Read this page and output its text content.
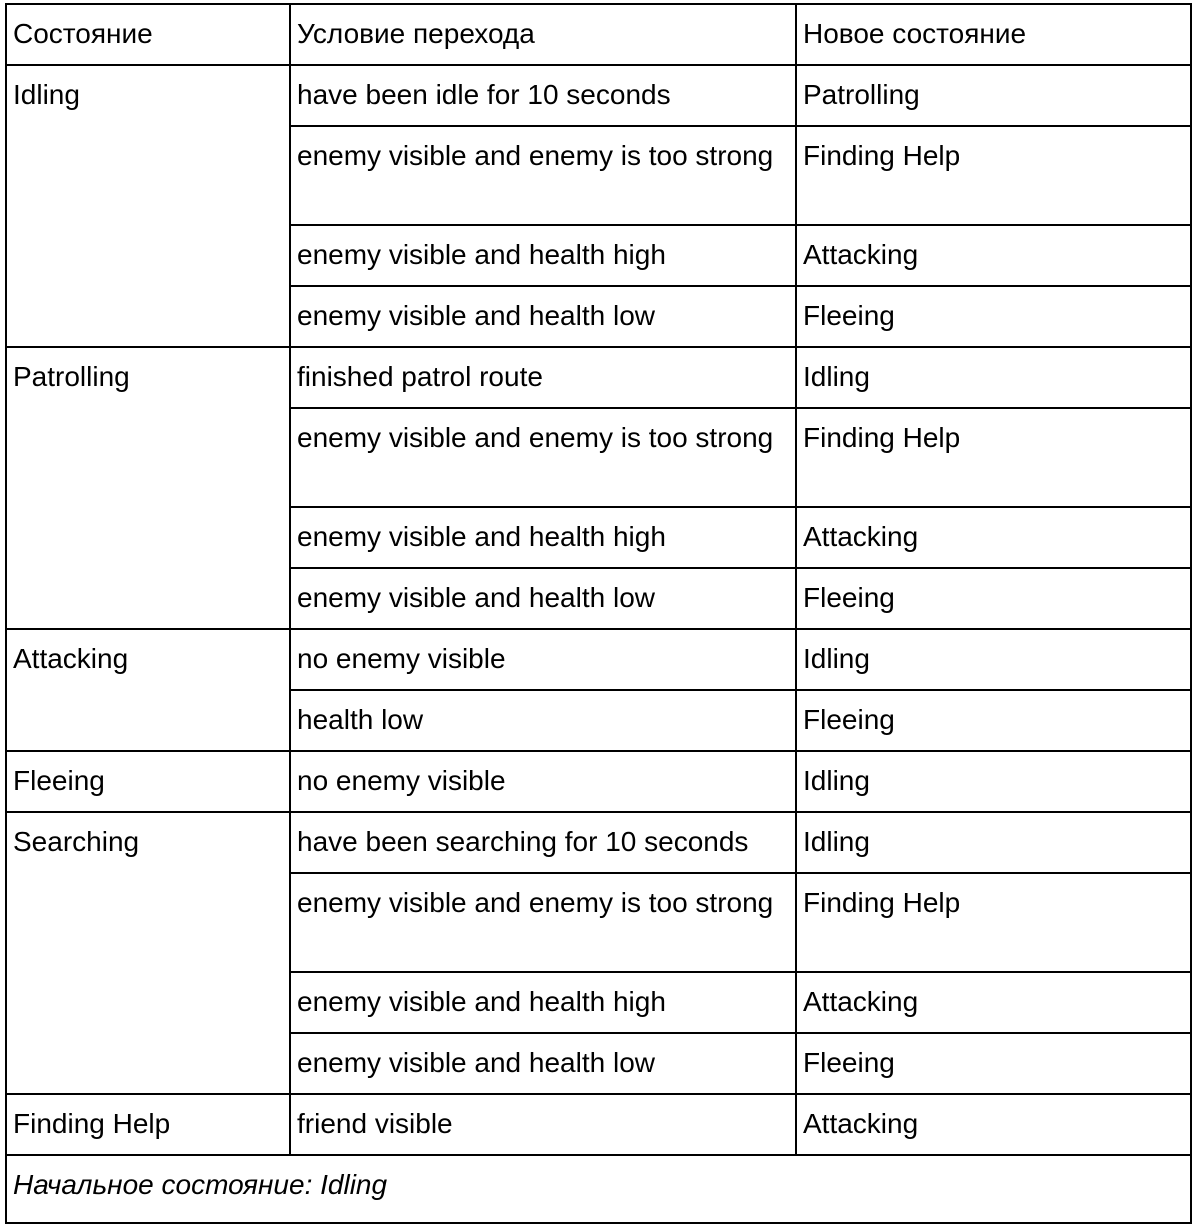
Состояние	Условие перехода	Новое состояние
Idling	have been idle for 10 seconds	Patrolling
	enemy visible and enemy is too strong	Finding Help
	enemy visible and health high	Attacking
	enemy visible and health low	Fleeing
Patrolling	finished patrol route	Idling
	enemy visible and enemy is too strong	Finding Help
	enemy visible and health high	Attacking
	enemy visible and health low	Fleeing
Attacking	no enemy visible	Idling
	health low	Fleeing
Fleeing	no enemy visible	Idling
Searching	have been searching for 10 seconds	Idling
	enemy visible and enemy is too strong	Finding Help
	enemy visible and health high	Attacking
	enemy visible and health low	Fleeing
Finding Help	friend visible	Attacking
Начальное состояние: Idling		
